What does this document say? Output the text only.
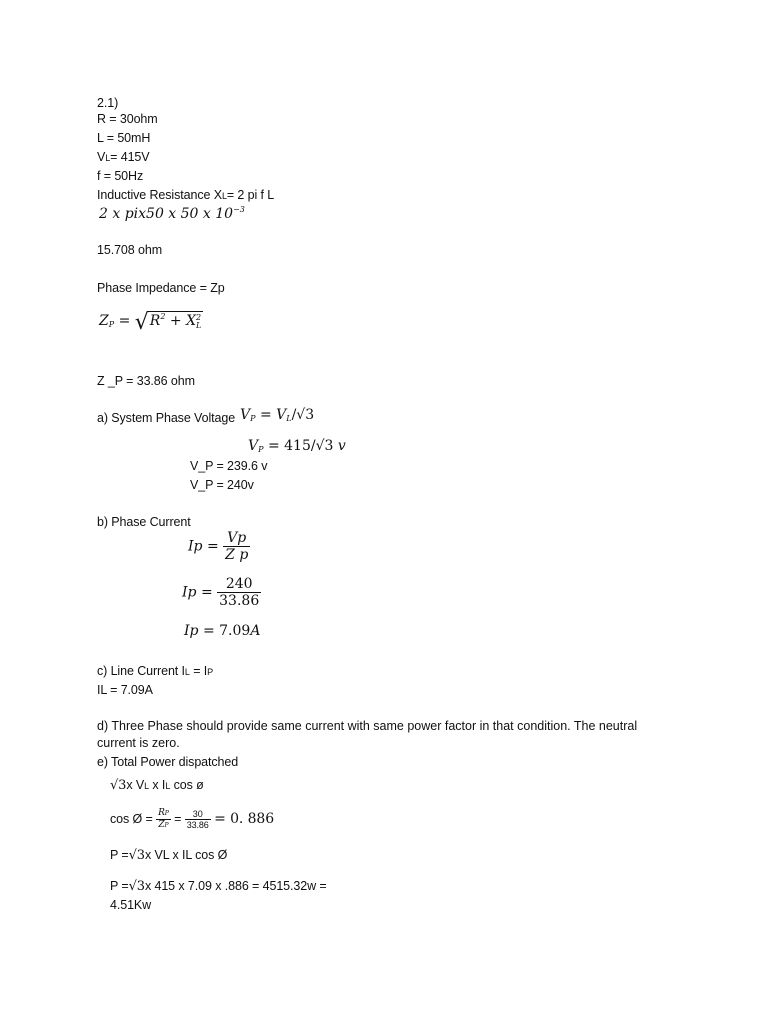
2.1)
R = 30ohm
L = 50mH
VL= 415V
f = 50Hz
Inductive Resistance XL= 2 pi f L
2 x pix50 x 50 x $10^{-3}$
15.708 ohm
Phase Impedance = Zp
$Z_P = √R^2 + X$ 2
L
Z _P = 33.86 ohm
a) System Phase Voltage $V_P = V_L/√3$
$V_P = 415/√3$ v
V_P = 239.6 v
V_P = 240v
b) Phase Current
$Ip = \frac{Vp}{\text{Z p}}$
$Ip = \frac{240}{33.86}$
Ip = 7.09A
c) Line Current IL = IP
IL = 7.09A
d) Three Phase should provide same current with same power factor in that condition. The neutral current is zero.
e) Total Power dispatched
√3x VL x IL cos ø
cos Ø = $\frac{RP}{ZP} = \frac{30}{33.86} = 0$. 886
P =√3x VL x IL cos Ø
P =√3x 415 x 7.09 x .886 = 4515.32w =
4.51Kw
